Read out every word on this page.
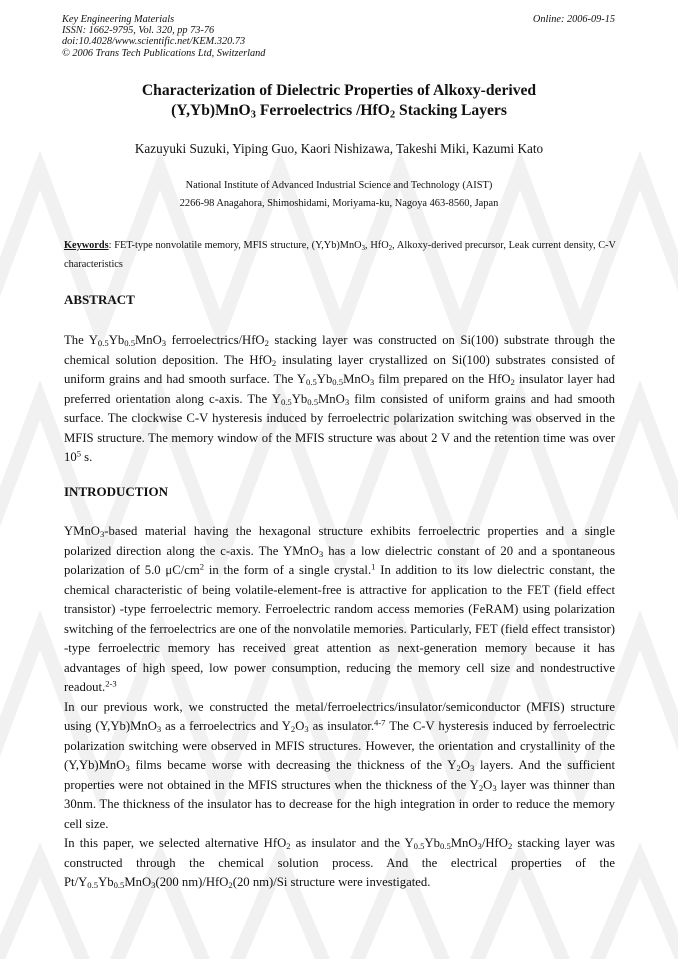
Key Engineering Materials
ISSN: 1662-9795, Vol. 320, pp 73-76
doi:10.4028/www.scientific.net/KEM.320.73
© 2006 Trans Tech Publications Ltd, Switzerland
Online: 2006-09-15
Characterization of Dielectric Properties of Alkoxy-derived
(Y,Yb)MnO$_3$ Ferroelectrics /HfO$_2$ Stacking Layers
Kazuyuki Suzuki, Yiping Guo, Kaori Nishizawa, Takeshi Miki, Kazumi Kato
National Institute of Advanced Industrial Science and Technology (AIST)
2266-98 Anagahora, Shimoshidami, Moriyama-ku, Nagoya 463-8560, Japan
Keywords: FET-type nonvolatile memory, MFIS structure, (Y,Yb)MnO$_3$, HfO$_2$, Alkoxy-derived precursor, Leak current density, C-V characteristics
ABSTRACT
The $Y_{0.5}Yb_{0.5}MnO_3$ ferroelectrics/HfO$_2$ stacking layer was constructed on Si(100) substrate through the chemical solution deposition. The HfO$_2$ insulating layer crystallized on Si(100) substrates consisted of uniform grains and had smooth surface. The $Y_{0.5}Yb_{0.5}MnO_3$ film prepared on the HfO$_2$ insulator layer had preferred orientation along c-axis. The $Y_{0.5}Yb_{0.5}MnO_3$ film consisted of uniform grains and had smooth surface. The clockwise C-V hysteresis induced by ferroelectric polarization switching was observed in the MFIS structure. The memory window of the MFIS structure was about 2 V and the retention time was over $10^5$ s.
INTRODUCTION
YMnO$_3$-based material having the hexagonal structure exhibits ferroelectric properties and a single polarized direction along the c-axis. The YMnO$_3$ has a low dielectric constant of 20 and a spontaneous polarization of 5.0 $\mu C/cm^2$ in the form of a single crystal.$^1$ In addition to its low dielectric constant, the chemical characteristic of being volatile-element-free is attractive for application to the FET (field effect transistor) -type ferroelectric memory. Ferroelectric random access memories (FeRAM) using polarization switching of the ferroelectrics are one of the nonvolatile memories. Particularly, FET (field effect transistor) -type ferroelectric memory has received great attention as next-generation memory because it has advantages of high speed, low power consumption, reducing the memory cell size and nondestructive readout.$^{2-3}$
In our previous work, we constructed the metal/ferroelectrics/insulator/semiconductor (MFIS) structure using (Y,Yb)MnO$_3$ as a ferroelectrics and $Y_2O_3$ as insulator.$^{4-7}$ The C-V hysteresis induced by ferroelectric polarization switching were observed in MFIS structures. However, the orientation and crystallinity of the (Y,Yb)MnO$_3$ films became worse with decreasing the thickness of the $Y_2O_3$ layers. And the sufficient properties were not obtained in the MFIS structures when the thickness of the $Y_2O_3$ layer was thinner than 30nm. The thickness of the insulator has to decrease for the high integration in order to reduce the memory cell size.
In this paper, we selected alternative HfO$_2$ as insulator and the $Y_{0.5}Yb_{0.5}MnO_3/HfO_2$ stacking layer was constructed through the chemical solution process. And the electrical properties of the $Pt/Y_{0.5}Yb_{0.5}MnO_3(200$ nm)/HfO$_2$(20 nm)/Si structure were investigated.
